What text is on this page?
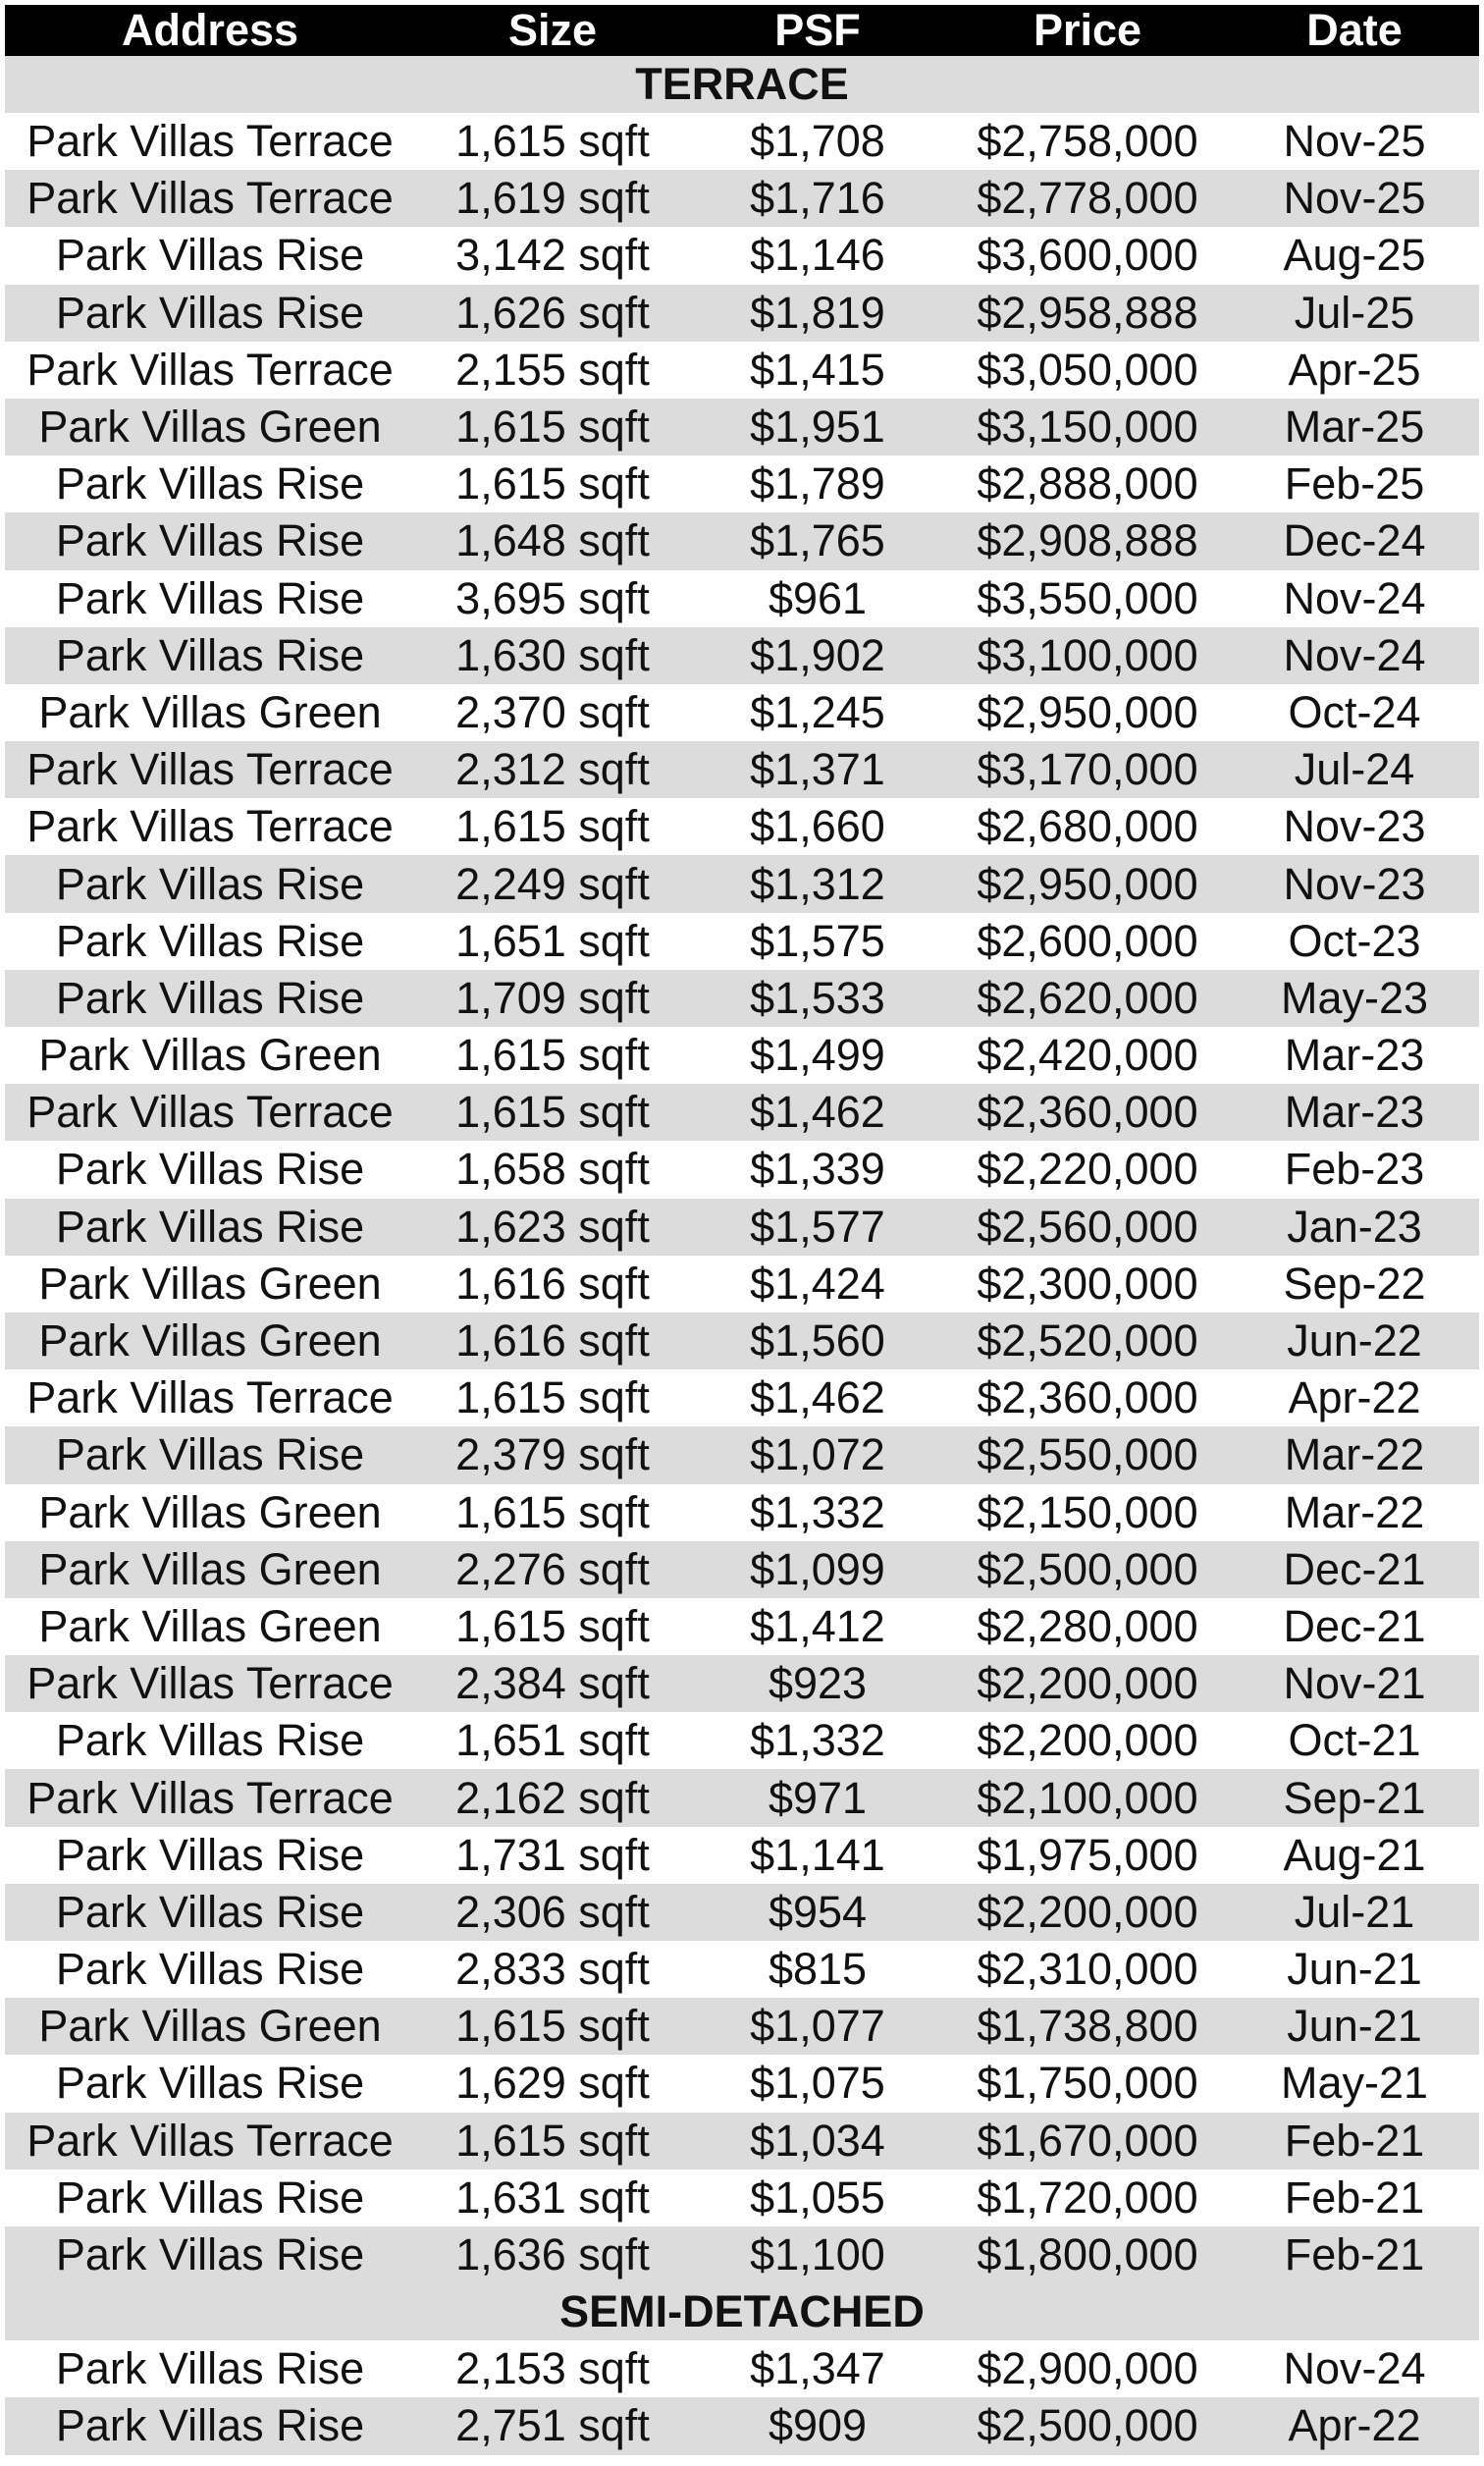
Address	Size	PSF	Price	Date
TERRACE
Park Villas Terrace	1,615 sqft	$1,708	$2,758,000	Nov-25
Park Villas Terrace	1,619 sqft	$1,716	$2,778,000	Nov-25
Park Villas Rise	3,142 sqft	$1,146	$3,600,000	Aug-25
Park Villas Rise	1,626 sqft	$1,819	$2,958,888	Jul-25
Park Villas Terrace	2,155 sqft	$1,415	$3,050,000	Apr-25
Park Villas Green	1,615 sqft	$1,951	$3,150,000	Mar-25
Park Villas Rise	1,615 sqft	$1,789	$2,888,000	Feb-25
Park Villas Rise	1,648 sqft	$1,765	$2,908,888	Dec-24
Park Villas Rise	3,695 sqft	$961	$3,550,000	Nov-24
Park Villas Rise	1,630 sqft	$1,902	$3,100,000	Nov-24
Park Villas Green	2,370 sqft	$1,245	$2,950,000	Oct-24
Park Villas Terrace	2,312 sqft	$1,371	$3,170,000	Jul-24
Park Villas Terrace	1,615 sqft	$1,660	$2,680,000	Nov-23
Park Villas Rise	2,249 sqft	$1,312	$2,950,000	Nov-23
Park Villas Rise	1,651 sqft	$1,575	$2,600,000	Oct-23
Park Villas Rise	1,709 sqft	$1,533	$2,620,000	May-23
Park Villas Green	1,615 sqft	$1,499	$2,420,000	Mar-23
Park Villas Terrace	1,615 sqft	$1,462	$2,360,000	Mar-23
Park Villas Rise	1,658 sqft	$1,339	$2,220,000	Feb-23
Park Villas Rise	1,623 sqft	$1,577	$2,560,000	Jan-23
Park Villas Green	1,616 sqft	$1,424	$2,300,000	Sep-22
Park Villas Green	1,616 sqft	$1,560	$2,520,000	Jun-22
Park Villas Terrace	1,615 sqft	$1,462	$2,360,000	Apr-22
Park Villas Rise	2,379 sqft	$1,072	$2,550,000	Mar-22
Park Villas Green	1,615 sqft	$1,332	$2,150,000	Mar-22
Park Villas Green	2,276 sqft	$1,099	$2,500,000	Dec-21
Park Villas Green	1,615 sqft	$1,412	$2,280,000	Dec-21
Park Villas Terrace	2,384 sqft	$923	$2,200,000	Nov-21
Park Villas Rise	1,651 sqft	$1,332	$2,200,000	Oct-21
Park Villas Terrace	2,162 sqft	$971	$2,100,000	Sep-21
Park Villas Rise	1,731 sqft	$1,141	$1,975,000	Aug-21
Park Villas Rise	2,306 sqft	$954	$2,200,000	Jul-21
Park Villas Rise	2,833 sqft	$815	$2,310,000	Jun-21
Park Villas Green	1,615 sqft	$1,077	$1,738,800	Jun-21
Park Villas Rise	1,629 sqft	$1,075	$1,750,000	May-21
Park Villas Terrace	1,615 sqft	$1,034	$1,670,000	Feb-21
Park Villas Rise	1,631 sqft	$1,055	$1,720,000	Feb-21
Park Villas Rise	1,636 sqft	$1,100	$1,800,000	Feb-21
SEMI-DETACHED
Park Villas Rise	2,153 sqft	$1,347	$2,900,000	Nov-24
Park Villas Rise	2,751 sqft	$909	$2,500,000	Apr-22
